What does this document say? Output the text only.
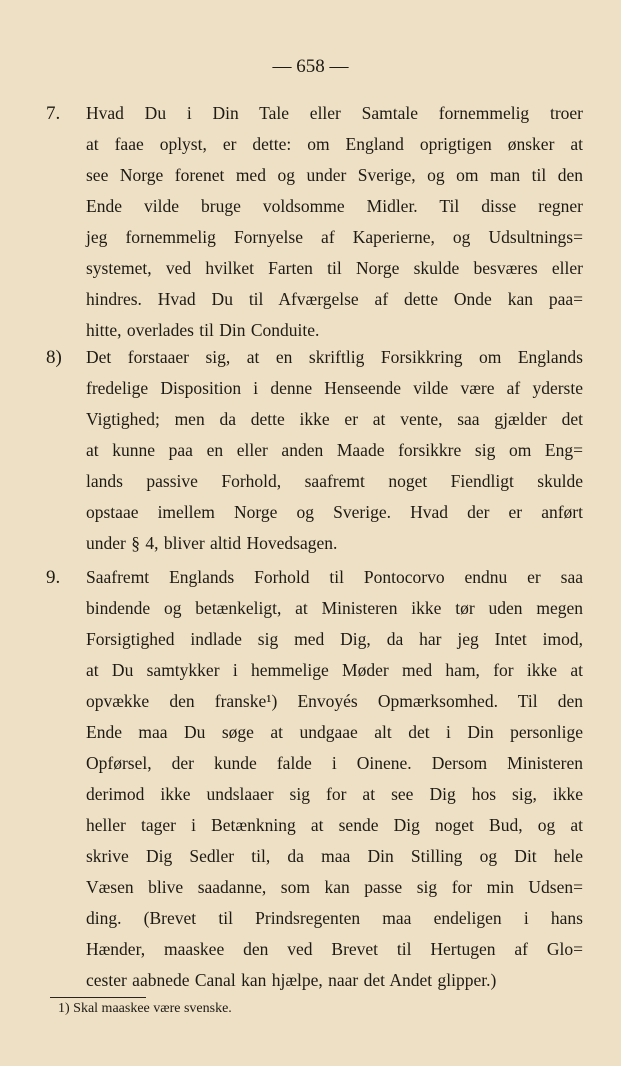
— 658 —
7. Hvad Du i Din Tale eller Samtale fornemmelig troer
at faae oplyst, er dette: om England oprigtigen ønsker at
see Norge forenet med og under Sverige, og om man til den
Ende vilde bruge voldsomme Midler. Til disse regner
jeg fornemmelig Fornyelse af Kaperierne, og Udsultnings=
systemet, ved hvilket Farten til Norge skulde besværes eller
hindres. Hvad Du til Afværgelse af dette Onde kan paa=
hitte, overlades til Din Conduite.
8) Det forstaaer sig, at en skriftlig Forsikkring om Englands
fredelige Disposition i denne Henseende vilde være af yderste
Vigtighed; men da dette ikke er at vente, saa gjælder det
at kunne paa en eller anden Maade forsikkre sig om Eng=
lands passive Forhold, saafremt noget Fiendligt skulde
opstaae imellem Norge og Sverige. Hvad der er anført
under § 4, bliver altid Hovedsagen.
9. Saafremt Englands Forhold til Pontocorvo endnu er saa
bindende og betænkeligt, at Ministeren ikke tør uden megen
Forsigtighed indlade sig med Dig, da har jeg Intet imod,
at Du samtykker i hemmelige Møder med ham, for ikke at
opvække den franske¹) Envoyés Opmærksomhed. Til den
Ende maa Du søge at undgaae alt det i Din personlige
Opførsel, der kunde falde i Oinene. Dersom Ministeren
derimod ikke undslaaer sig for at see Dig hos sig, ikke
heller tager i Betænkning at sende Dig noget Bud, og at
skrive Dig Sedler til, da maa Din Stilling og Dit hele
Væsen blive saadanne, som kan passe sig for min Udsen=
ding. (Brevet til Prindsregenten maa endeligen i hans
Hænder, maaskee den ved Brevet til Hertugen af Glo=
cester aabnede Canal kan hjælpe, naar det Andet glipper.)
1) Skal maaskee være svenske.
